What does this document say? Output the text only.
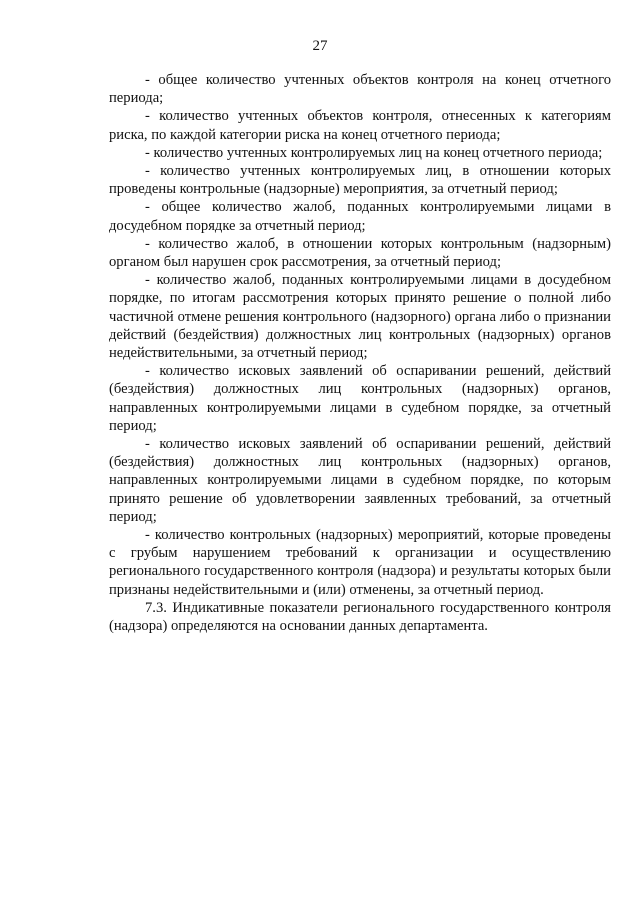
27

- общее количество учтенных объектов контроля на конец отчетного периода;

- количество учтенных объектов контроля, отнесенных к категориям риска, по каждой категории риска на конец отчетного периода;

- количество учтенных контролируемых лиц на конец отчетного периода;

- количество учтенных контролируемых лиц, в отношении которых проведены контрольные (надзорные) мероприятия, за отчетный период;

- общее количество жалоб, поданных контролируемыми лицами в досудебном порядке за отчетный период;

- количество жалоб, в отношении которых контрольным (надзорным) органом был нарушен срок рассмотрения, за отчетный период;

- количество жалоб, поданных контролируемыми лицами в досудебном порядке, по итогам рассмотрения которых принято решение о полной либо частичной отмене решения контрольного (надзорного) органа либо о признании действий (бездействия) должностных лиц контрольных (надзорных) органов недействительными, за отчетный период;

- количество исковых заявлений об оспаривании решений, действий (бездействия) должностных лиц контрольных (надзорных) органов, направленных контролируемыми лицами в судебном порядке, за отчетный период;

- количество исковых заявлений об оспаривании решений, действий (бездействия) должностных лиц контрольных (надзорных) органов, направленных контролируемыми лицами в судебном порядке, по которым принято решение об удовлетворении заявленных требований, за отчетный период;

- количество контрольных (надзорных) мероприятий, которые проведены с грубым нарушением требований к организации и осуществлению регионального государственного контроля (надзора) и результаты которых были признаны недействительными и (или) отменены, за отчетный период.

7.3. Индикативные показатели регионального государственного контроля (надзора) определяются на основании данных департамента.
